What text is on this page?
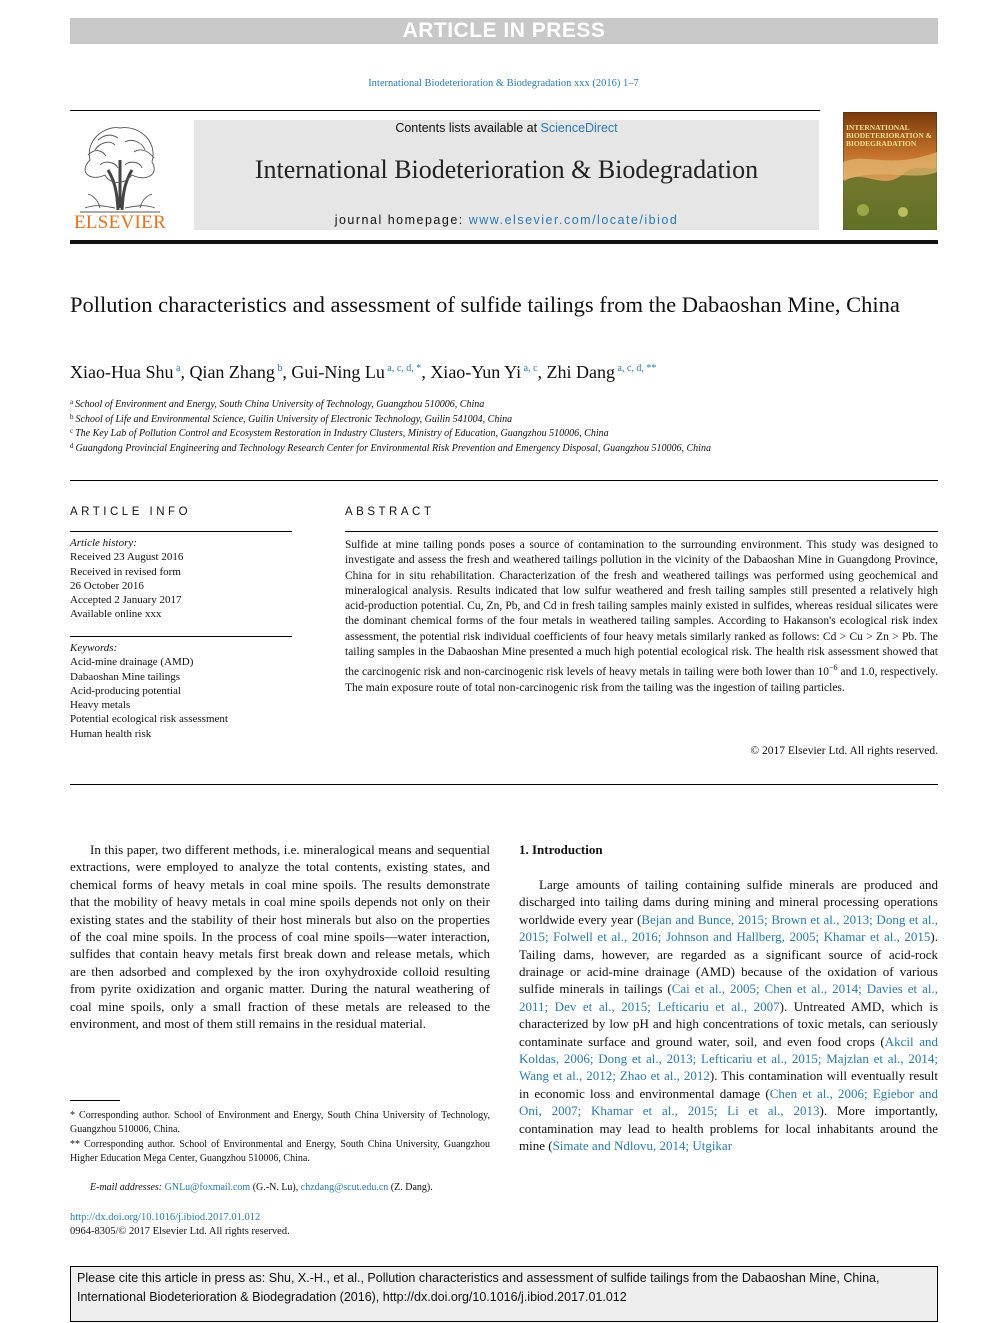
ARTICLE IN PRESS
International Biodeterioration & Biodegradation xxx (2016) 1–7
ELSEVIER
Contents lists available at ScienceDirect
International Biodeterioration & Biodegradation
journal homepage: www.elsevier.com/locate/ibiod
INTERNATIONAL BIODETERIORATION & BIODEGRADATION
Pollution characteristics and assessment of sulfide tailings from the Dabaoshan Mine, China
Xiao-Hua Shu $^a$, Qian Zhang $^b$, Gui-Ning Lu $^{a, c, d, *}$, Xiao-Yun Yi $^{a, c}$, Zhi Dang $^{a, c, d, **}$
$^a$ School of Environment and Energy, South China University of Technology, Guangzhou 510006, China
$^b$ School of Life and Environmental Science, Guilin University of Electronic Technology, Guilin 541004, China
$^c$ The Key Lab of Pollution Control and Ecosystem Restoration in Industry Clusters, Ministry of Education, Guangzhou 510006, China
$^d$ Guangdong Provincial Engineering and Technology Research Center for Environmental Risk Prevention and Emergency Disposal, Guangzhou 510006, China
ARTICLE INFO
Article history:
Received 23 August 2016
Received in revised form
26 October 2016
Accepted 2 January 2017
Available online xxx
Keywords:
Acid-mine drainage (AMD)
Dabaoshan Mine tailings
Acid-producing potential
Heavy metals
Potential ecological risk assessment
Human health risk
ABSTRACT
Sulfide at mine tailing ponds poses a source of contamination to the surrounding environment. This study was designed to investigate and assess the fresh and weathered tailings pollution in the vicinity of the Dabaoshan Mine in Guangdong Province, China for in situ rehabilitation. Characterization of the fresh and weathered tailings was performed using geochemical and mineralogical analysis. Results indicated that low sulfur weathered and fresh tailing samples still presented a relatively high acid-production potential. Cu, Zn, Pb, and Cd in fresh tailing samples mainly existed in sulfides, whereas residual silicates were the dominant chemical forms of the four metals in weathered tailing samples. According to Hakanson's ecological risk index assessment, the potential risk individual coefficients of four heavy metals similarly ranked as follows: Cd > Cu > Zn > Pb. The tailing samples in the Dabaoshan Mine presented a much high potential ecological risk. The health risk assessment showed that the carcinogenic risk and non-carcinogenic risk levels of heavy metals in tailing were both lower than $10^{-6}$ and 1.0, respectively. The main exposure route of total non-carcinogenic risk from the tailing was the ingestion of tailing particles.
© 2017 Elsevier Ltd. All rights reserved.
In this paper, two different methods, i.e. mineralogical means and sequential extractions, were employed to analyze the total contents, existing states, and chemical forms of heavy metals in coal mine spoils. The results demonstrate that the mobility of heavy metals in coal mine spoils depends not only on their existing states and the stability of their host minerals but also on the properties of the coal mine spoils. In the process of coal mine spoils—water interaction, sulfides that contain heavy metals first break down and release metals, which are then adsorbed and complexed by the iron oxyhydroxide colloid resulting from pyrite oxidization and organic matter. During the natural weathering of coal mine spoils, only a small fraction of these metals are released to the environment, and most of them still remains in the residual material.
1. Introduction
Large amounts of tailing containing sulfide minerals are produced and discharged into tailing dams during mining and mineral processing operations worldwide every year (Bejan and Bunce, 2015; Brown et al., 2013; Dong et al., 2015; Folwell et al., 2016; Johnson and Hallberg, 2005; Khamar et al., 2015). Tailing dams, however, are regarded as a significant source of acid-rock drainage or acid-mine drainage (AMD) because of the oxidation of various sulfide minerals in tailings (Cai et al., 2005; Chen et al., 2014; Davies et al., 2011; Dev et al., 2015; Lefticariu et al., 2007). Untreated AMD, which is characterized by low pH and high concentrations of toxic metals, can seriously contaminate surface and ground water, soil, and even food crops (Akcil and Koldas, 2006; Dong et al., 2013; Lefticariu et al., 2015; Majzlan et al., 2014; Wang et al., 2012; Zhao et al., 2012). This contamination will eventually result in economic loss and environmental damage (Chen et al., 2006; Egiebor and Oni, 2007; Khamar et al., 2015; Li et al., 2013). More importantly, contamination may lead to health problems for local inhabitants around the mine (Simate and Ndlovu, 2014; Utgikar
* Corresponding author. School of Environment and Energy, South China University of Technology, Guangzhou 510006, China.
** Corresponding author. School of Environmental and Energy, South China University, Guangzhou Higher Education Mega Center, Guangzhou 510006, China.
E-mail addresses: GNLu@foxmail.com (G.-N. Lu), chzdang@scut.edu.cn (Z. Dang).
http://dx.doi.org/10.1016/j.ibiod.2017.01.012
0964-8305/© 2017 Elsevier Ltd. All rights reserved.
Please cite this article in press as: Shu, X.-H., et al., Pollution characteristics and assessment of sulfide tailings from the Dabaoshan Mine, China,
International Biodeterioration & Biodegradation (2016), http://dx.doi.org/10.1016/j.ibiod.2017.01.012
